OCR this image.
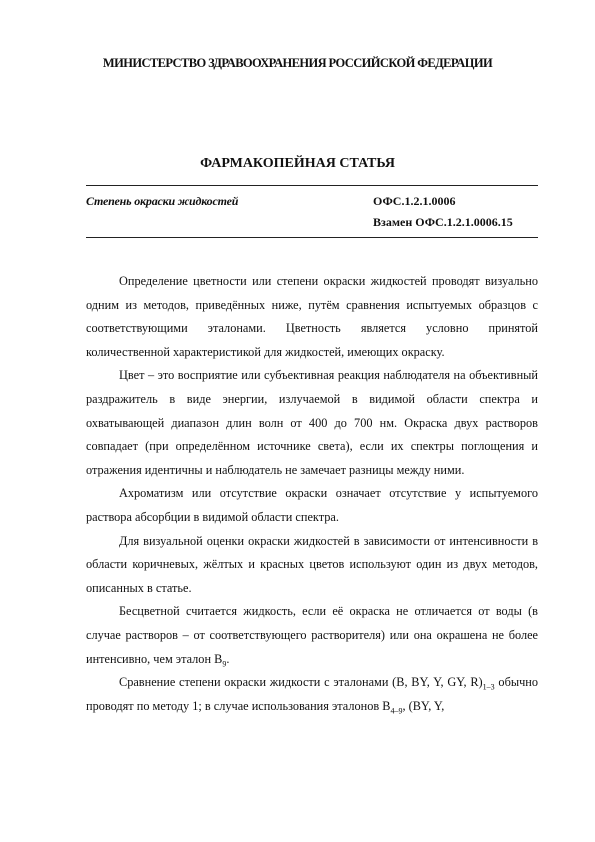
МИНИСТЕРСТВО ЗДРАВООХРАНЕНИЯ РОССИЙСКОЙ ФЕДЕРАЦИИ
ФАРМАКОПЕЙНАЯ СТАТЬЯ
Степень окраски жидкостей	ОФС.1.2.1.0006
Взамен ОФС.1.2.1.0006.15

Определение цветности или степени окраски жидкостей проводят визуально одним из методов, приведённых ниже, путём сравнения испытуемых образцов с соответствующими эталонами. Цветность является условно принятой количественной характеристикой для жидкостей, имеющих окраску.

Цвет – это восприятие или субъективная реакция наблюдателя на объективный раздражитель в виде энергии, излучаемой в видимой области спектра и охватывающей диапазон длин волн от 400 до 700 нм. Окраска двух растворов совпадает (при определённом источнике света), если их спектры поглощения и отражения идентичны и наблюдатель не замечает разницы между ними.

Ахроматизм или отсутствие окраски означает отсутствие у испытуемого раствора абсорбции в видимой области спектра.

Для визуальной оценки окраски жидкостей в зависимости от интенсивности в области коричневых, жёлтых и красных цветов используют один из двух методов, описанных в статье.

Бесцветной считается жидкость, если её окраска не отличается от воды (в случае растворов – от соответствующего растворителя) или она окрашена не более интенсивно, чем эталон $B_9$.

Сравнение степени окраски жидкости с эталонами (B, BY, Y, GY, $R)_{1-3}$ обычно проводят по методу 1; в случае использования эталонов $B_{4-9}$, (BY, Y,
